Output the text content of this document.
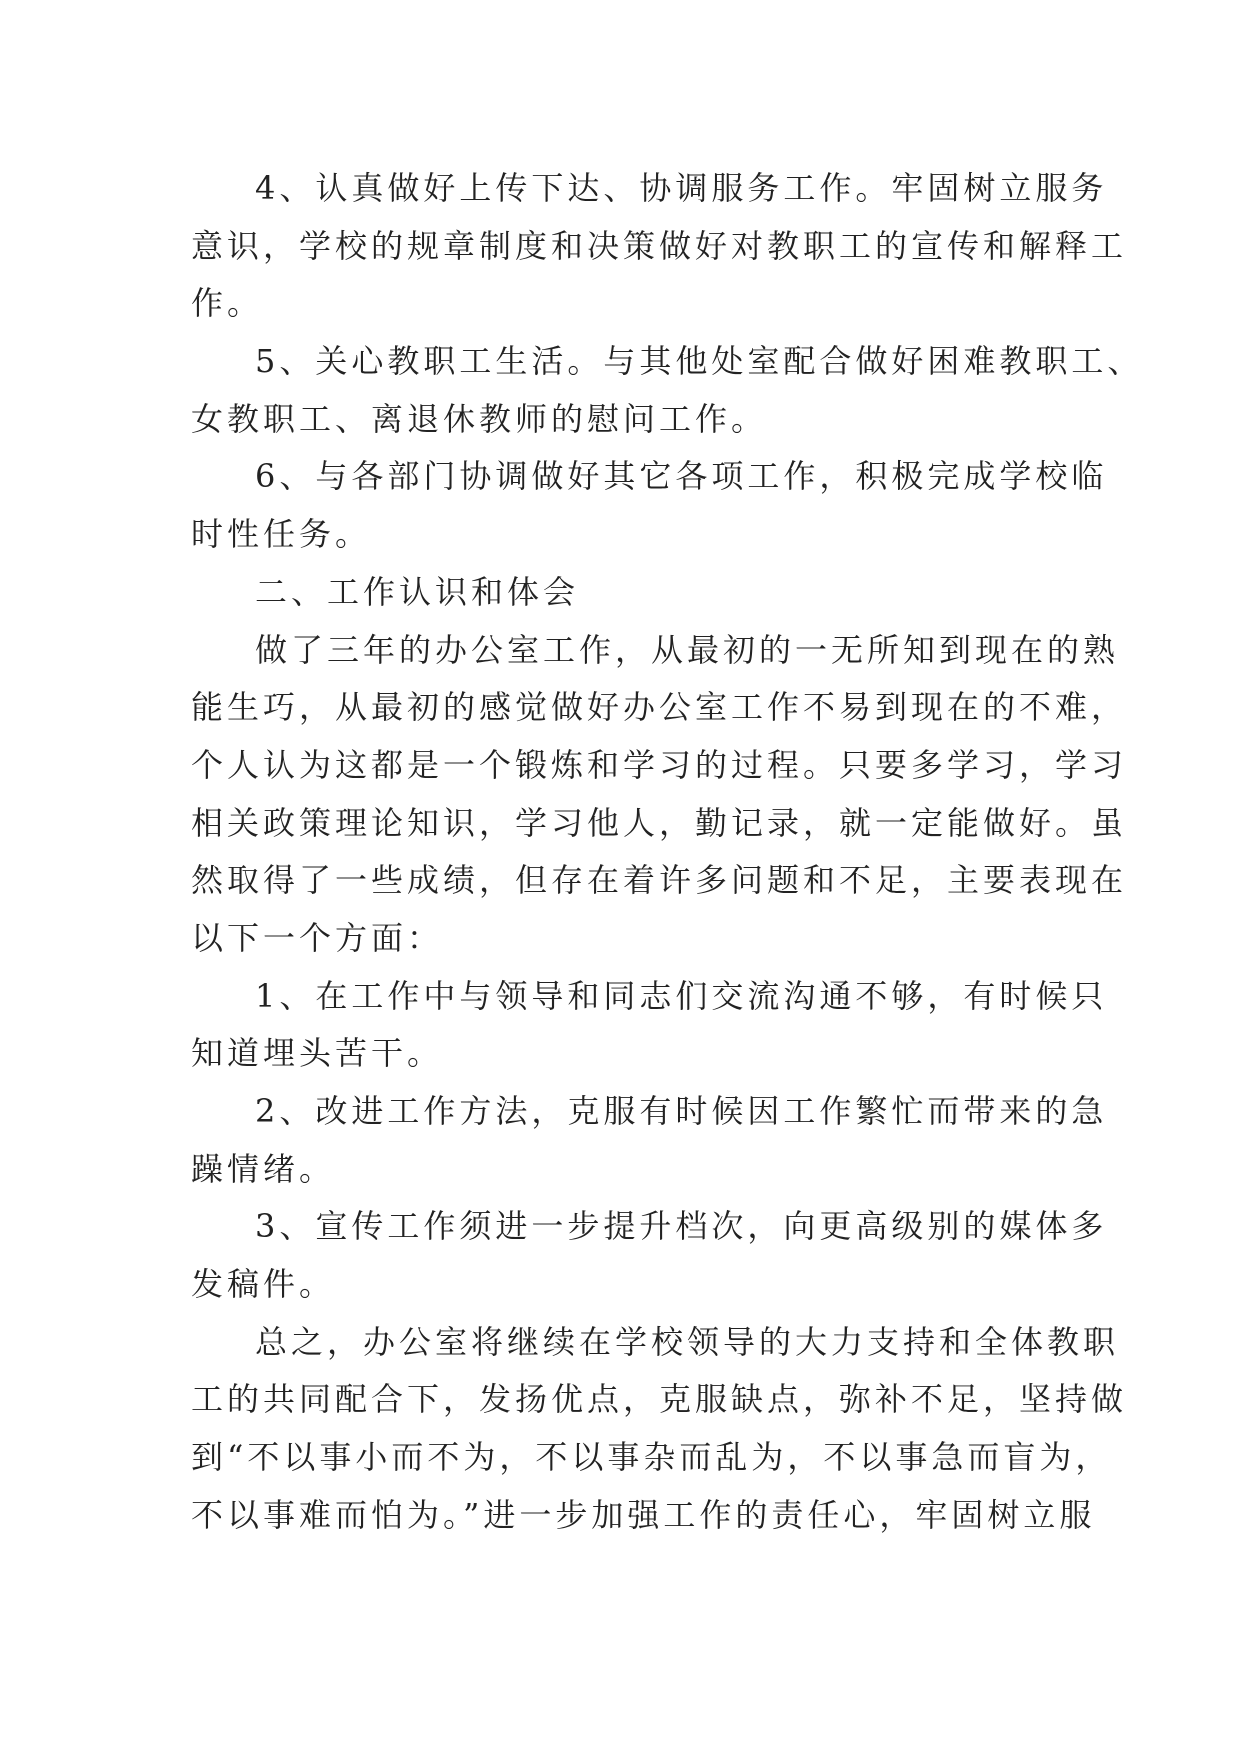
4、认真做好上传下达、协调服务工作。牢固树立服务

意识，学校的规章制度和决策做好对教职工的宣传和解释工

作。

5、关心教职工生活。与其他处室配合做好困难教职工、

女教职工、离退休教师的慰问工作。

6、与各部门协调做好其它各项工作，积极完成学校临

时性任务。

二、工作认识和体会

做了三年的办公室工作，从最初的一无所知到现在的熟

能生巧，从最初的感觉做好办公室工作不易到现在的不难，

个人认为这都是一个锻炼和学习的过程。只要多学习，学习

相关政策理论知识，学习他人，勤记录，就一定能做好。虽

然取得了一些成绩，但存在着许多问题和不足，主要表现在

以下一个方面：

1、在工作中与领导和同志们交流沟通不够，有时候只

知道埋头苦干。

2、改进工作方法，克服有时候因工作繁忙而带来的急

躁情绪。

3、宣传工作须进一步提升档次，向更高级别的媒体多

发稿件。

总之，办公室将继续在学校领导的大力支持和全体教职

工的共同配合下，发扬优点，克服缺点，弥补不足，坚持做

到“不以事小而不为，不以事杂而乱为，不以事急而盲为，

不以事难而怕为。”进一步加强工作的责任心，牢固树立服
